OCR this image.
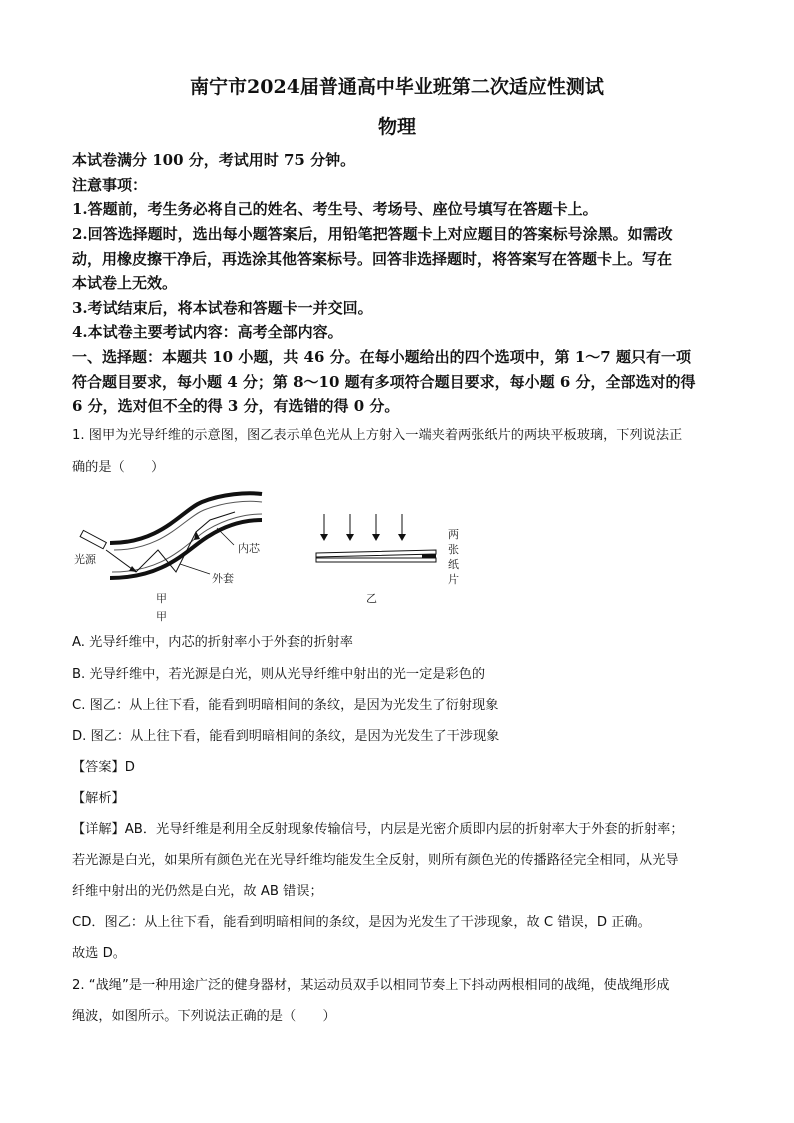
南宁市2024届普通高中毕业班第二次适应性测试
物理
本试卷满分 100 分，考试用时 75 分钟。
注意事项：
1.答题前，考生务必将自己的姓名、考生号、考场号、座位号填写在答题卡上。
2.回答选择题时，选出每小题答案后，用铅笔把答题卡上对应题目的答案标号涂黑。如需改
动，用橡皮擦干净后，再选涂其他答案标号。回答非选择题时，将答案写在答题卡上。写在
本试卷上无效。
3.考试结束后，将本试卷和答题卡一并交回。
4.本试卷主要考试内容：高考全部内容。
一、选择题：本题共 10 小题，共 46 分。在每小题给出的四个选项中，第 1～7 题只有一项
符合题目要求，每小题 4 分；第 8～10 题有多项符合题目要求，每小题 6 分，全部选对的得
6 分，选对但不全的得 3 分，有选错的得 0 分。
1. 图甲为光导纤维的示意图，图乙表示单色光从上方射入一端夹着两张纸片的两块平板玻璃，下列说法正
确的是（　　）
光源
内芯
外套
甲
甲
两
张
纸
片
乙
A. 光导纤维中，内芯的折射率小于外套的折射率
B. 光导纤维中，若光源是白光，则从光导纤维中射出的光一定是彩色的
C. 图乙：从上往下看，能看到明暗相间的条纹，是因为光发生了衍射现象
D. 图乙：从上往下看，能看到明暗相间的条纹，是因为光发生了干涉现象
【答案】D
【解析】
【详解】AB．光导纤维是利用全反射现象传输信号，内层是光密介质即内层的折射率大于外套的折射率；
若光源是白光，如果所有颜色光在光导纤维均能发生全反射，则所有颜色光的传播路径完全相同，从光导
纤维中射出的光仍然是白光，故 AB 错误；
CD．图乙：从上往下看，能看到明暗相间的条纹，是因为光发生了干涉现象，故 C 错误，D 正确。
故选 D。
2. “战绳”是一种用途广泛的健身器材，某运动员双手以相同节奏上下抖动两根相同的战绳，使战绳形成
绳波，如图所示。下列说法正确的是（　　）
